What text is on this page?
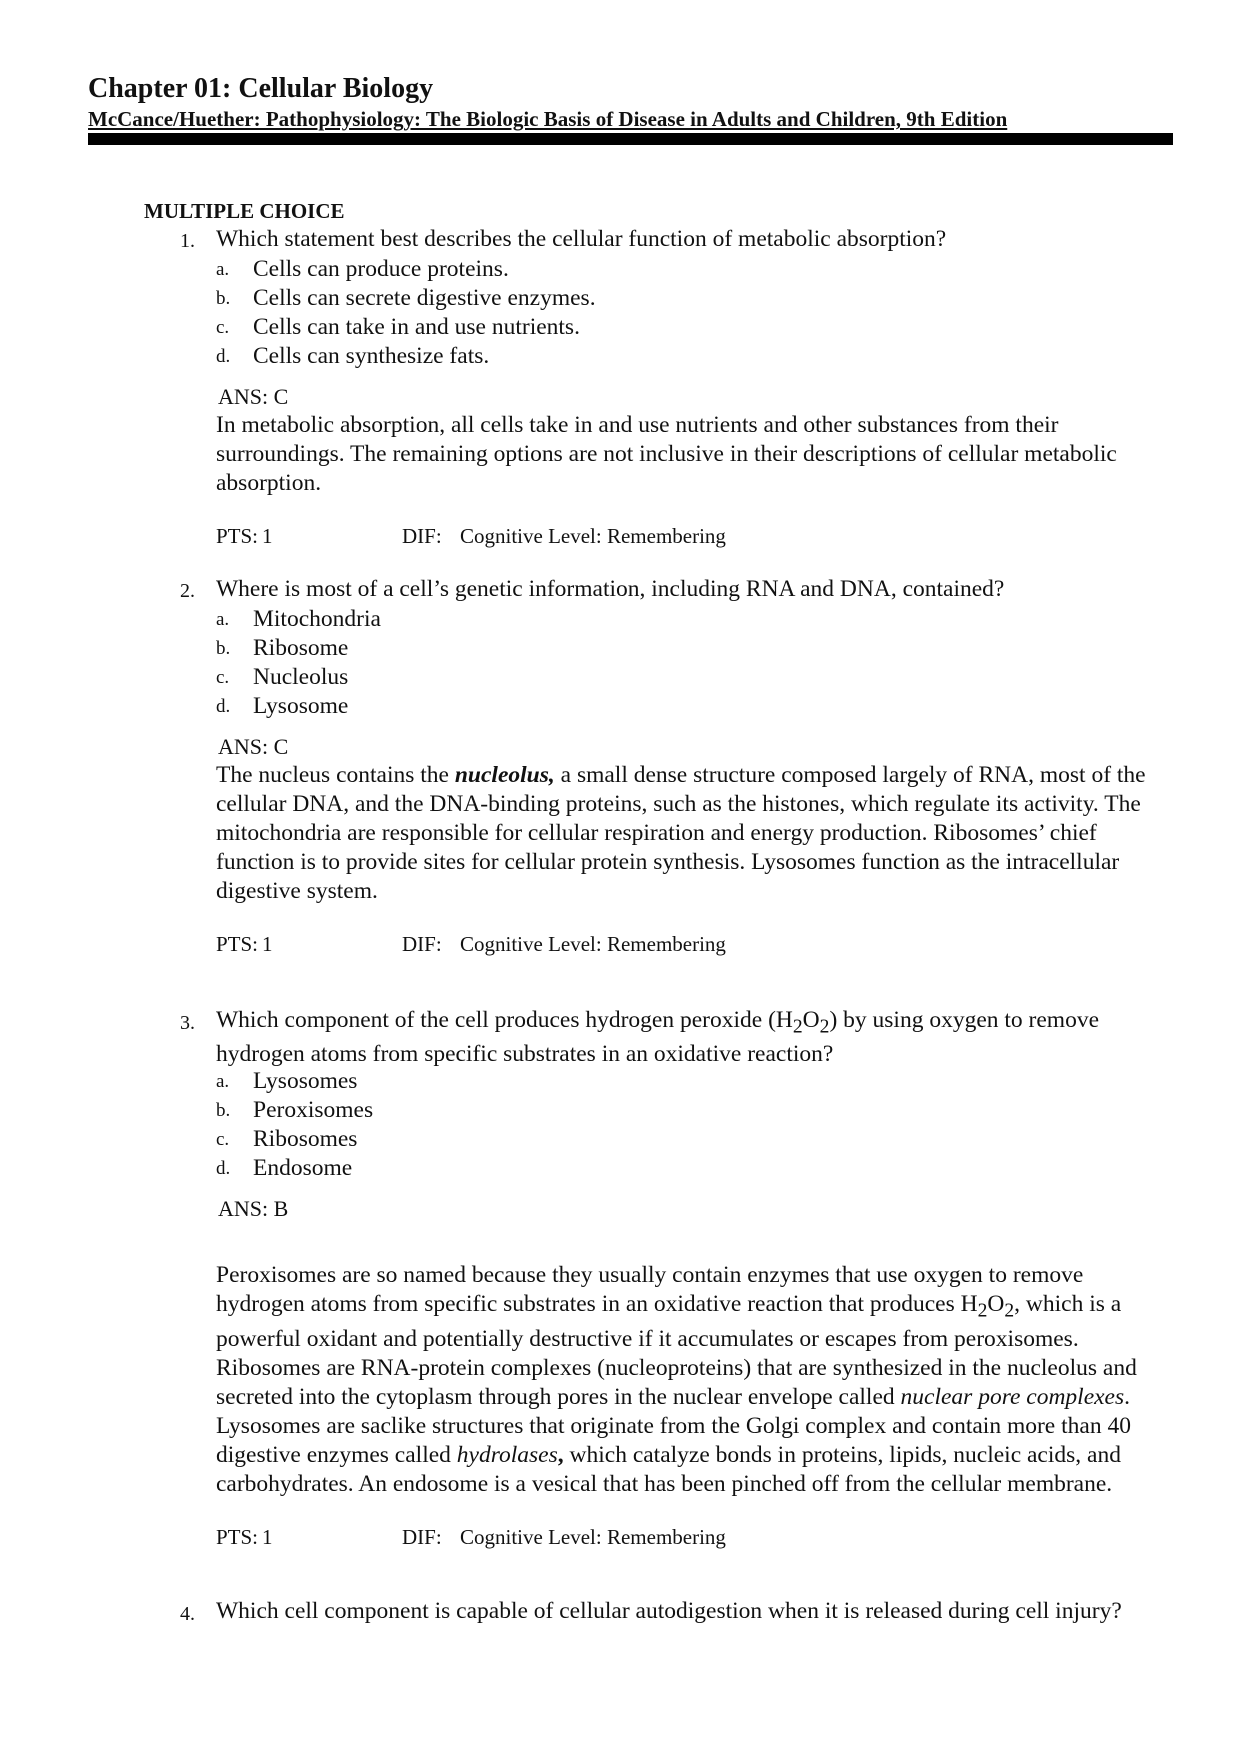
Chapter 01: Cellular Biology

McCance/Huether: Pathophysiology: The Biologic Basis of Disease in Adults and Children, 9th Edition

MULTIPLE CHOICE
1. Which statement best describes the cellular function of metabolic absorption?
a.	Cells can produce proteins.
b. Cells can secrete digestive enzymes.
c.	Cells can take in and use nutrients.
d. Cells can synthesize fats.
ANS: C
In metabolic absorption, all cells take in and use nutrients and other substances from their surroundings. The remaining options are not inclusive in their descriptions of cellular metabolic absorption.
PTS: 1	DIF: Cognitive Level: Remembering
2. Where is most of a cell’s genetic information, including RNA and DNA, contained?
a.	Mitochondria
b. Ribosome
c.	Nucleolus
d. Lysosome
ANS: C
The nucleus contains the nucleolus, a small dense structure composed largely of RNA, most of the cellular DNA, and the DNA-binding proteins, such as the histones, which regulate its activity. The mitochondria are responsible for cellular respiration and energy production. Ribosomes’ chief function is to provide sites for cellular protein synthesis. Lysosomes function as the intracellular digestive system.
PTS: 1	DIF: Cognitive Level: Remembering
3. Which component of the cell produces hydrogen peroxide $(H_2O_2)$ by using oxygen to remove hydrogen atoms from specific substrates in an oxidative reaction?
a.	Lysosomes
b. Peroxisomes
c.	Ribosomes
d. Endosome
ANS: B
Peroxisomes are so named because they usually contain enzymes that use oxygen to remove hydrogen atoms from specific substrates in an oxidative reaction that produces $H_2O_2$, which is a powerful oxidant and potentially destructive if it accumulates or escapes from peroxisomes. Ribosomes are RNA-protein complexes (nucleoproteins) that are synthesized in the nucleolus and secreted into the cytoplasm through pores in the nuclear envelope called nuclear pore complexes. Lysosomes are saclike structures that originate from the Golgi complex and contain more than 40 digestive enzymes called hydrolases, which catalyze bonds in proteins, lipids, nucleic acids, and carbohydrates. An endosome is a vesical that has been pinched off from the cellular membrane.
PTS: 1	DIF: Cognitive Level: Remembering
4. Which cell component is capable of cellular autodigestion when it is released during cell injury?
